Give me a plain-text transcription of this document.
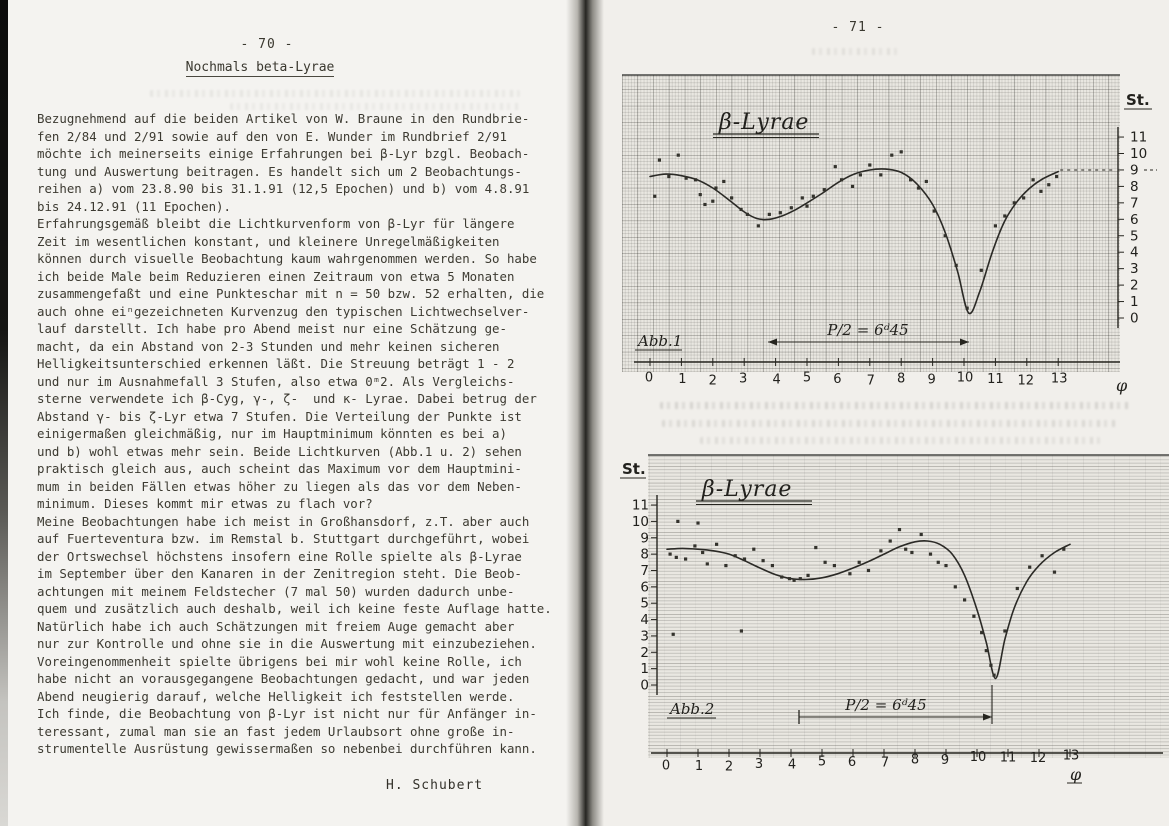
- 70 -
Nochmals beta-Lyrae
Bezugnehmend auf die beiden Artikel von W. Braune in den Rundbrie-
fen 2/84 und 2/91 sowie auf den von E. Wunder im Rundbrief 2/91
möchte ich meinerseits einige Erfahrungen bei β-Lyr bzgl. Beobach-
tung und Auswertung beitragen. Es handelt sich um 2 Beobachtungs-
reihen a) vom 23.8.90 bis 31.1.91 (12,5 Epochen) und b) vom 4.8.91
bis 24.12.91 (11 Epochen).
Erfahrungsgemäß bleibt die Lichtkurvenform von β-Lyr für längere
Zeit im wesentlichen konstant, und kleinere Unregelmäßigkeiten
können durch visuelle Beobachtung kaum wahrgenommen werden. So habe
ich beide Male beim Reduzieren einen Zeitraum von etwa 5 Monaten
zusammengefaßt und eine Punkteschar mit n = 50 bzw. 52 erhalten, die
auch ohne eiⁿgezeichneten Kurvenzug den typischen Lichtwechselver-
lauf darstellt. Ich habe pro Abend meist nur eine Schätzung ge-
macht, da ein Abstand von 2-3 Stunden und mehr keinen sicheren
Helligkeitsunterschied erkennen läßt. Die Streuung beträgt 1 - 2
und nur im Ausnahmefall 3 Stufen, also etwa 0ᵐ2. Als Vergleichs-
sterne verwendete ich β-Cyg, γ-, ζ-  und κ- Lyrae. Dabei betrug der
Abstand γ- bis ζ-Lyr etwa 7 Stufen. Die Verteilung der Punkte ist
einigermaßen gleichmäßig, nur im Hauptminimum könnten es bei a)
und b) wohl etwas mehr sein. Beide Lichtkurven (Abb.1 u. 2) sehen
praktisch gleich aus, auch scheint das Maximum vor dem Hauptmini-
mum in beiden Fällen etwas höher zu liegen als das vor dem Neben-
minimum. Dieses kommt mir etwas zu flach vor?
Meine Beobachtungen habe ich meist in Großhansdorf, z.T. aber auch
auf Fuerteventura bzw. im Remstal b. Stuttgart durchgeführt, wobei
der Ortswechsel höchstens insofern eine Rolle spielte als β-Lyrae
im September über den Kanaren in der Zenitregion steht. Die Beob-
achtungen mit meinem Feldstecher (7 mal 50) wurden dadurch unbe-
quem und zusätzlich auch deshalb, weil ich keine feste Auflage hatte.
Natürlich habe ich auch Schätzungen mit freiem Auge gemacht aber
nur zur Kontrolle und ohne sie in die Auswertung mit einzubeziehen.
Voreingenommenheit spielte übrigens bei mir wohl keine Rolle, ich
habe nicht an vorausgegangene Beobachtungen gedacht, und war jeden
Abend neugierig darauf, welche Helligkeit ich feststellen werde.
Ich finde, die Beobachtung von β-Lyr ist nicht nur für Anfänger in-
teressant, zumal man sie an fast jedem Urlaubsort ohne große in-
strumentelle Ausrüstung gewissermaßen so nebenbei durchführen kann.
H. Schubert
- 71 -
0 1 2 3 4 5 6 7 8 9 10 11 12 13	φ
11
10
9
8
7
6
5
4
3
2
1
0
St.
β-Lyrae
Abb.1
P/2 = 6ᵈ45
0 1 2 3 4 5 6 7 8 9 10 11 12 13
φ
11
10
9
8
7
6
5
4
3
2
1
0
St.
β-Lyrae
Abb.2	P/2 = 6ᵈ45
